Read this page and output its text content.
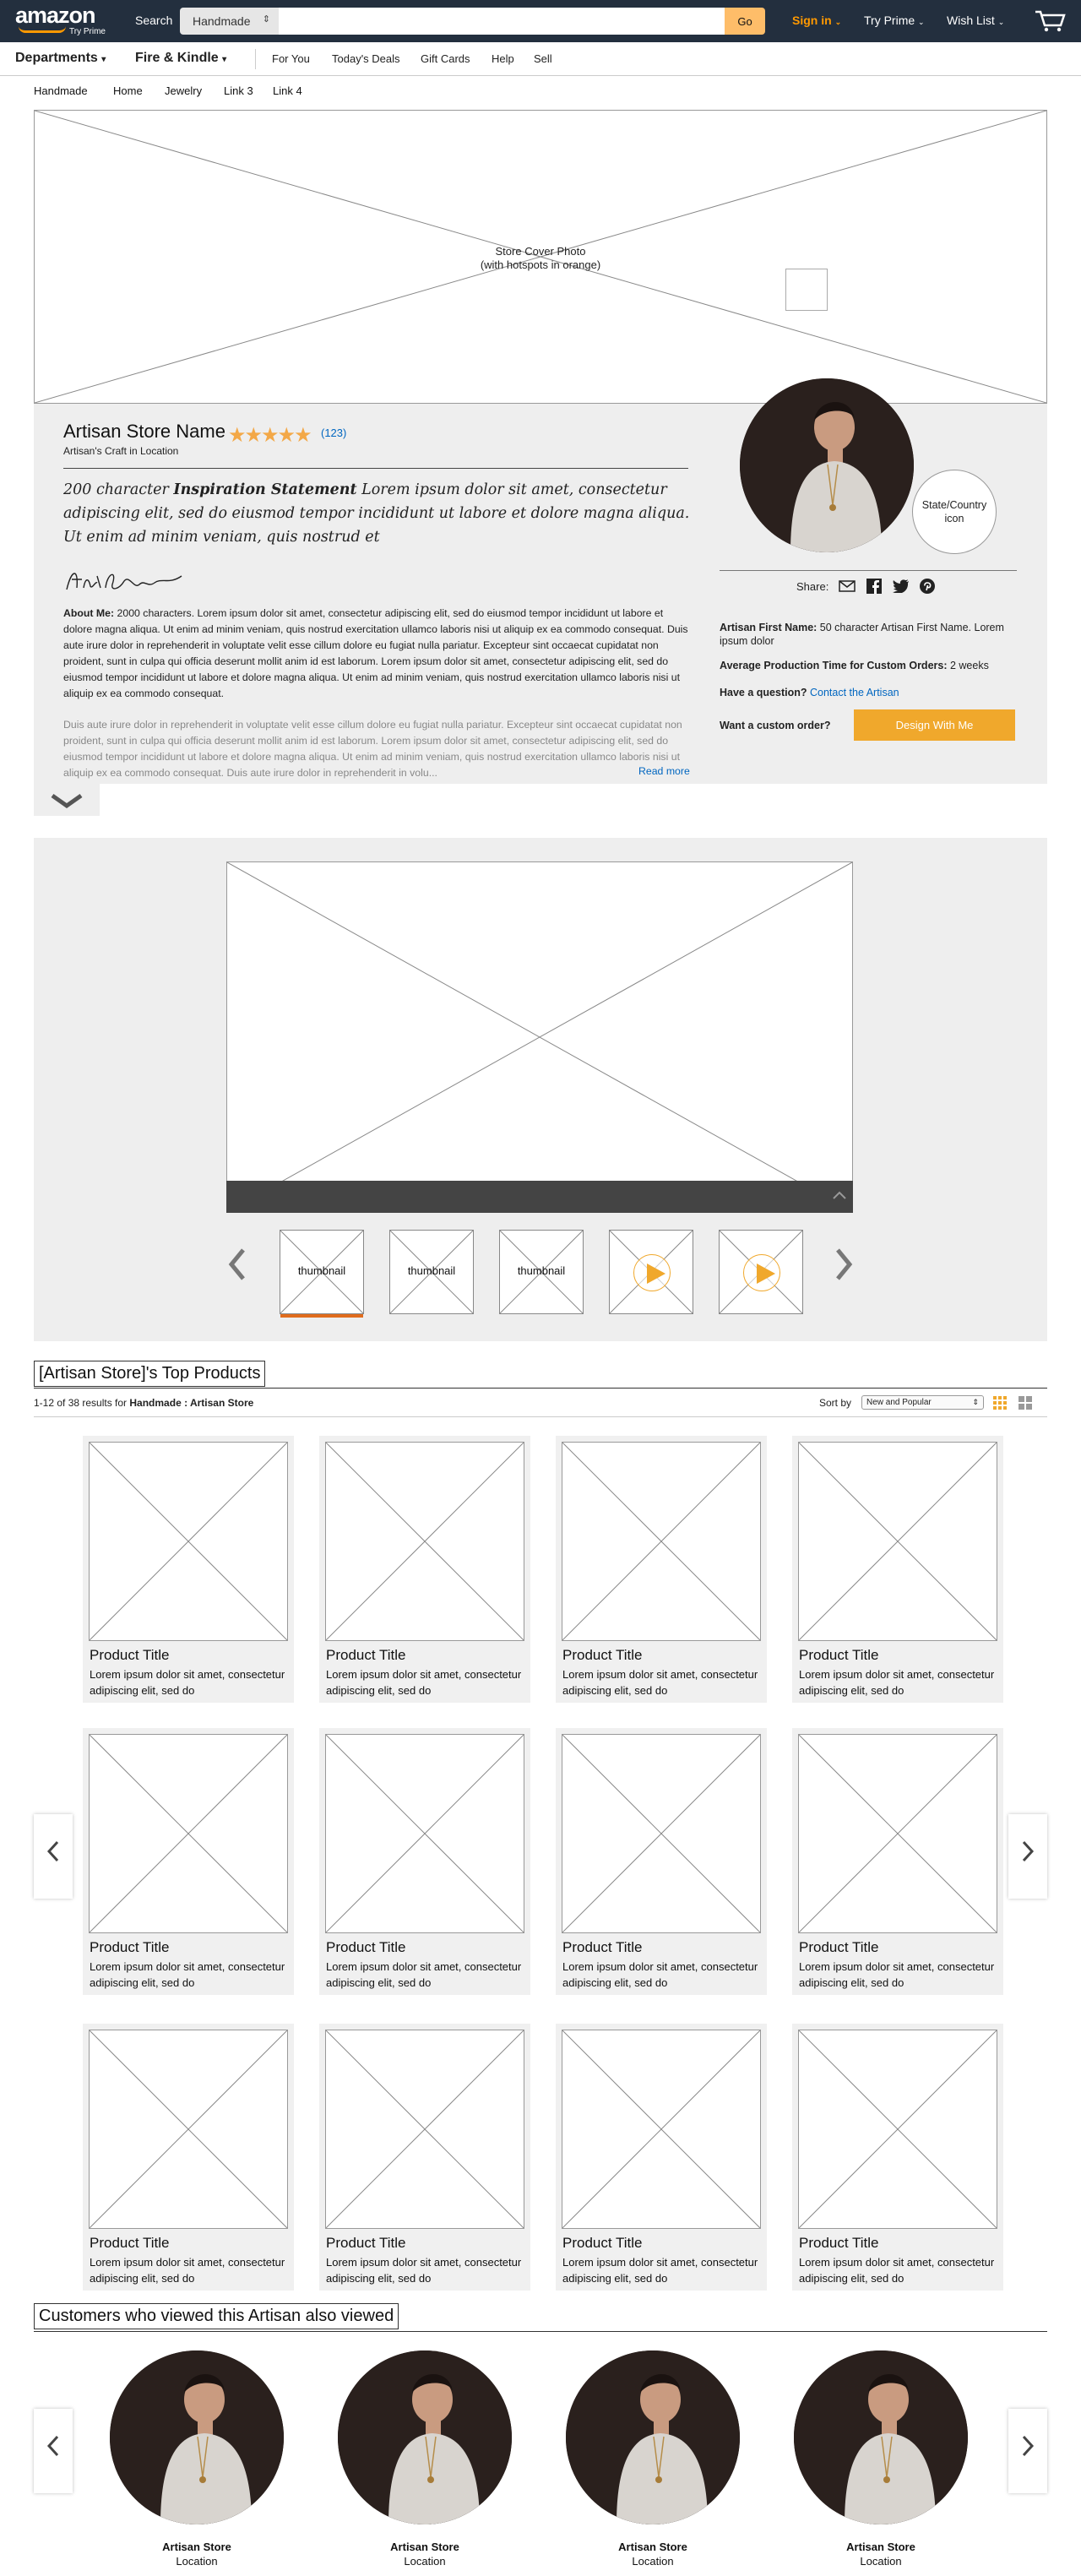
amazon
Try Prime
Search	Handmade ⇕	Go	Sign in ⌄ Try Prime ⌄ Wish List ⌄
Departments ▾ Fire & Kindle ▾	For You Today's Deals Gift Cards Help Sell
Handmade Home Jewelry Link 3 Link 4
Store Cover Photo
(with hotspots in orange)
Artisan Store Name ★★★★★ (123)
Artisan's Craft in Location
200 character Inspiration Statement Lorem ipsum dolor sit amet, consectetur adipiscing elit, sed do eiusmod tempor incididunt ut labore et dolore magna aliqua. Ut enim ad minim veniam, quis nostrud et
About Me: 2000 characters. Lorem ipsum dolor sit amet, consectetur adipiscing elit, sed do eiusmod tempor incididunt ut labore et dolore magna aliqua. Ut enim ad minim veniam, quis nostrud exercitation ullamco laboris nisi ut aliquip ex ea commodo consequat. Duis aute irure dolor in reprehenderit in voluptate velit esse cillum dolore eu fugiat nulla pariatur. Excepteur sint occaecat cupidatat non proident, sunt in culpa qui officia deserunt mollit anim id est laborum. Lorem ipsum dolor sit amet, consectetur adipiscing elit, sed do eiusmod tempor incididunt ut labore et dolore magna aliqua. Ut enim ad minim veniam, quis nostrud exercitation ullamco laboris nisi ut aliquip ex ea commodo consequat.
Duis aute irure dolor in reprehenderit in voluptate velit esse cillum dolore eu fugiat nulla pariatur. Excepteur sint occaecat cupidatat non proident, sunt in culpa qui officia deserunt mollit anim id est laborum. Lorem ipsum dolor sit amet, consectetur adipiscing elit, sed do eiusmod tempor incididunt ut labore et dolore magna aliqua. Ut enim ad minim veniam, quis nostrud exercitation ullamco laboris nisi ut aliquip ex ea commodo consequat. Duis aute irure dolor in reprehenderit in volu...	Read more
State/Country icon
Share:
Artisan First Name: 50 character Artisan First Name. Lorem ipsum dolor
Average Production Time for Custom Orders: 2 weeks
Have a question? Contact the Artisan
Want a custom order?	Design With Me
thumbnail	thumbnail	thumbnail
[Artisan Store]'s Top Products
1-12 of 38 results for Handmade : Artisan Store	Sort by	New and Popular	⇕
Product Title
Lorem ipsum dolor sit amet, consectetur adipiscing elit, sed do
Product Title
Lorem ipsum dolor sit amet, consectetur adipiscing elit, sed do
Product Title
Lorem ipsum dolor sit amet, consectetur adipiscing elit, sed do
Product Title
Lorem ipsum dolor sit amet, consectetur adipiscing elit, sed do
Product Title
Lorem ipsum dolor sit amet, consectetur adipiscing elit, sed do
Product Title
Lorem ipsum dolor sit amet, consectetur adipiscing elit, sed do
Product Title
Lorem ipsum dolor sit amet, consectetur adipiscing elit, sed do
Product Title
Lorem ipsum dolor sit amet, consectetur adipiscing elit, sed do
Product Title
Lorem ipsum dolor sit amet, consectetur adipiscing elit, sed do
Product Title
Lorem ipsum dolor sit amet, consectetur adipiscing elit, sed do
Product Title
Lorem ipsum dolor sit amet, consectetur adipiscing elit, sed do
Product Title
Lorem ipsum dolor sit amet, consectetur adipiscing elit, sed do
Customers who viewed this Artisan also viewed
Artisan Store
Location
Artisan Store
Location
Artisan Store
Location
Artisan Store
Location
